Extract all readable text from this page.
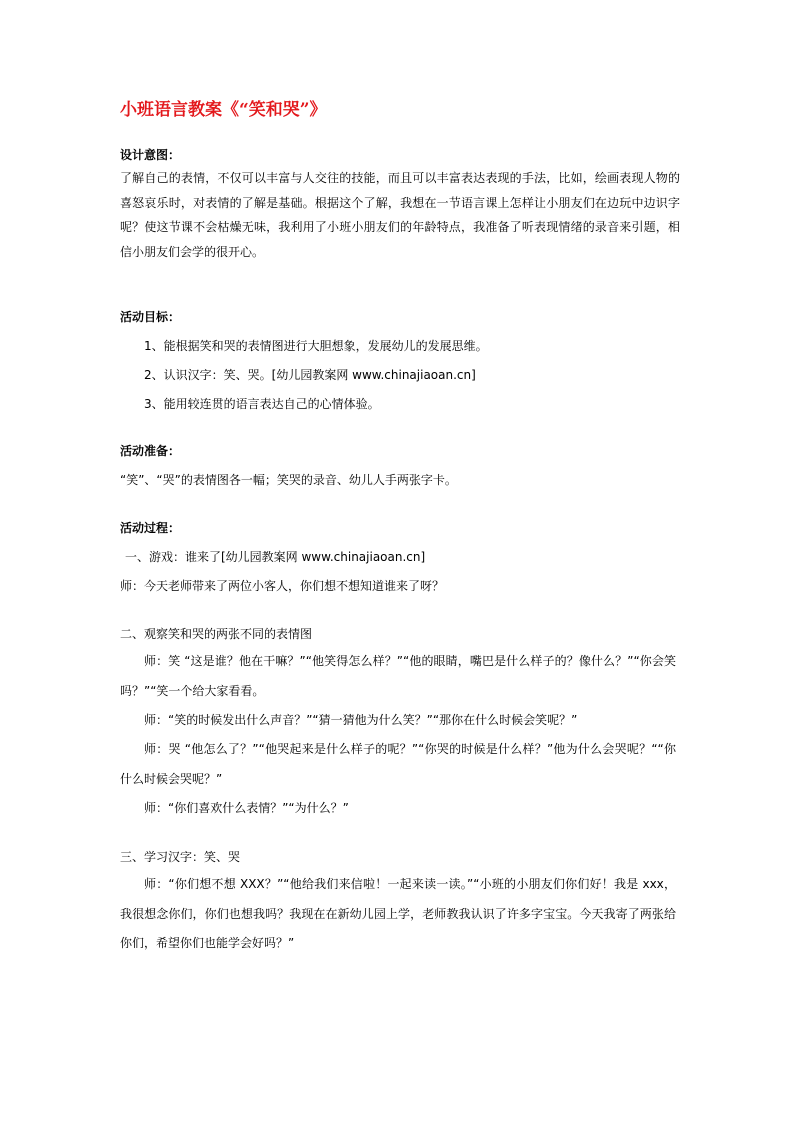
小班语言教案《“笑和哭”》
设计意图：
了解自己的表情，不仅可以丰富与人交往的技能，而且可以丰富表达表现的手法，比如，绘画表现人物的喜怒哀乐时，对表情的了解是基础。根据这个了解，我想在一节语言课上怎样让小朋友们在边玩中边识字呢？使这节课不会枯燥无味，我利用了小班小朋友们的年龄特点，我准备了听表现情绪的录音来引题，相信小朋友们会学的很开心。
活动目标：
1、能根据笑和哭的表情图进行大胆想象，发展幼儿的发展思维。
2、认识汉字：笑、哭。[幼儿园教案网 www.chinajiaoan.cn]
3、能用较连贯的语言表达自己的心情体验。
活动准备：
“笑”、“哭”的表情图各一幅；笑哭的录音、幼儿人手两张字卡。
活动过程：
一、游戏：谁来了[幼儿园教案网 www.chinajiaoan.cn]
师：今天老师带来了两位小客人，你们想不想知道谁来了呀？
二、观察笑和哭的两张不同的表情图
师：笑 “这是谁？他在干嘛？”“他笑得怎么样？”“他的眼睛，嘴巴是什么样子的？像什么？”“你会笑吗？”“笑一个给大家看看。
师：“笑的时候发出什么声音？”“猜一猜他为什么笑？”“那你在什么时候会笑呢？”
师：哭 “他怎么了？”“他哭起来是什么样子的呢？”“你哭的时候是什么样？”他为什么会哭呢？““你什么时候会哭呢？”
师：“你们喜欢什么表情？”“为什么？”
三、学习汉字：笑、哭
师：“你们想不想 XXX？”“他给我们来信啦！一起来读一读。”“小班的小朋友们你们好！我是 xxx，我很想念你们，你们也想我吗？我现在在新幼儿园上学，老师教我认识了许多字宝宝。今天我寄了两张给你们，希望你们也能学会好吗？”
